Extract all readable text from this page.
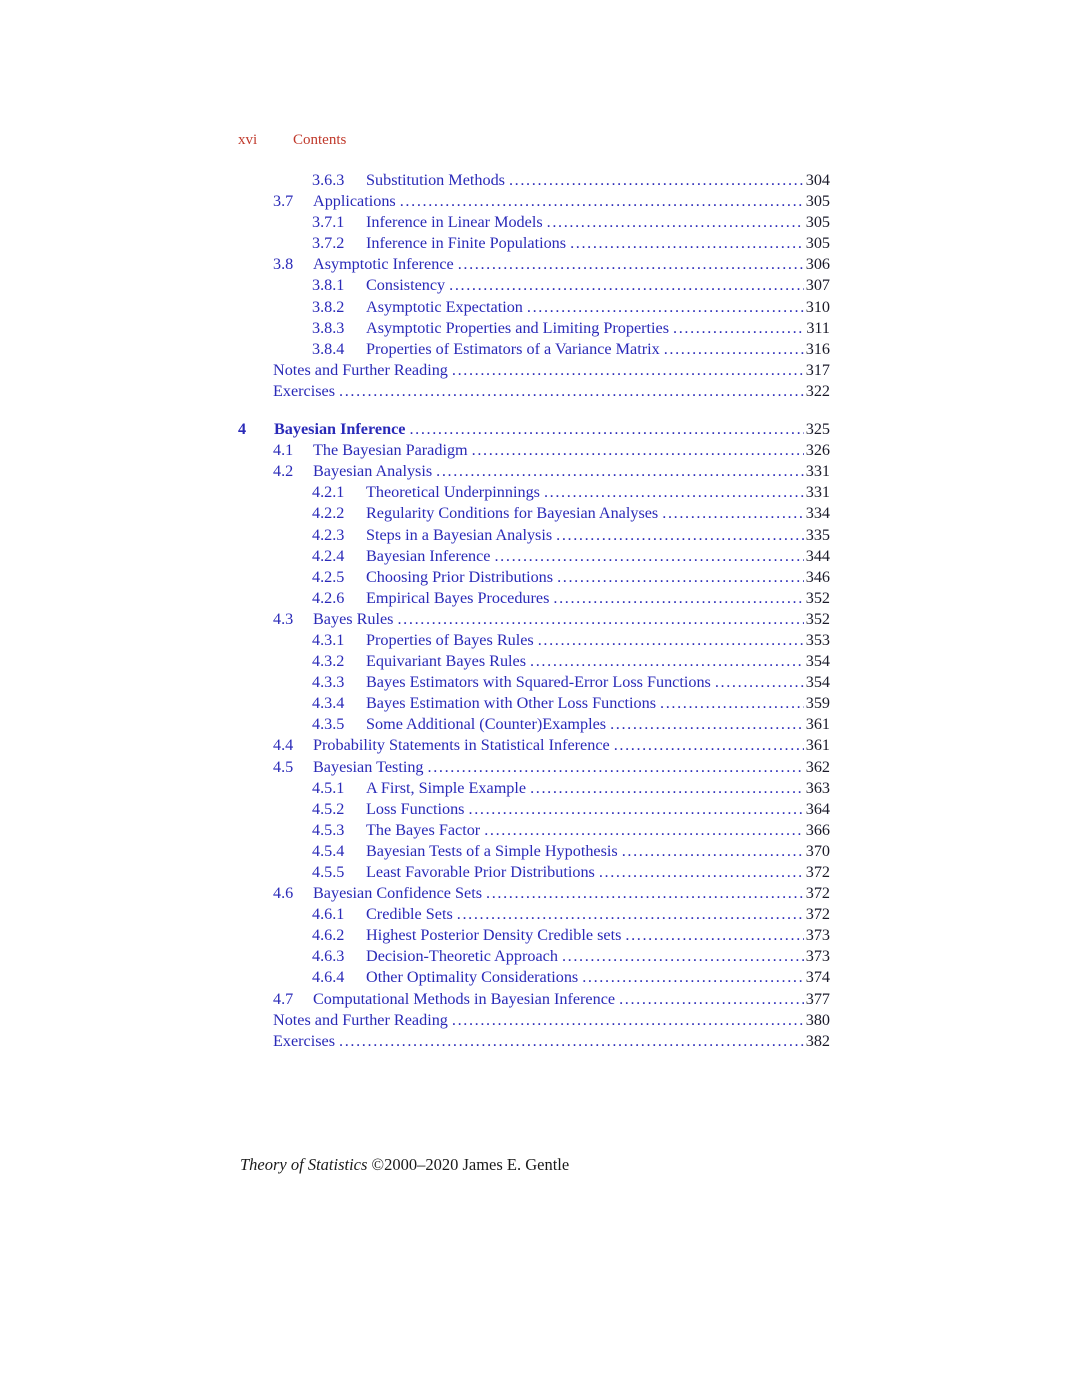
xvi Contents
3.6.3 Substitution Methods . . .	304
3.7 Applications . . .	305
3.7.1 Inference in Linear Models . . .	305
3.7.2 Inference in Finite Populations . . .	305
3.8 Asymptotic Inference . . .	306
3.8.1 Consistency . . .	307
3.8.2 Asymptotic Expectation . . .	310
3.8.3 Asymptotic Properties and Limiting Properties . . .	311
3.8.4 Properties of Estimators of a Variance Matrix . . .	316
Notes and Further Reading . . .	317
Exercises . . .	322
4 Bayesian Inference . . .	325
4.1 The Bayesian Paradigm . . .	326
4.2 Bayesian Analysis . . .	331
4.2.1 Theoretical Underpinnings . . .	331
4.2.2 Regularity Conditions for Bayesian Analyses . . .	334
4.2.3 Steps in a Bayesian Analysis . . .	335
4.2.4 Bayesian Inference . . .	344
4.2.5 Choosing Prior Distributions . . .	346
4.2.6 Empirical Bayes Procedures . . .	352
4.3 Bayes Rules . . .	352
4.3.1 Properties of Bayes Rules . . .	353
4.3.2 Equivariant Bayes Rules . . .	354
4.3.3 Bayes Estimators with Squared-Error Loss Functions . . .	354
4.3.4 Bayes Estimation with Other Loss Functions . . .	359
4.3.5 Some Additional (Counter)Examples . . .	361
4.4 Probability Statements in Statistical Inference . . .	361
4.5 Bayesian Testing . . .	362
4.5.1 A First, Simple Example . . .	363
4.5.2 Loss Functions . . .	364
4.5.3 The Bayes Factor . . .	366
4.5.4 Bayesian Tests of a Simple Hypothesis . . .	370
4.5.5 Least Favorable Prior Distributions . . .	372
4.6 Bayesian Confidence Sets . . .	372
4.6.1 Credible Sets . . .	372
4.6.2 Highest Posterior Density Credible sets . . .	373
4.6.3 Decision-Theoretic Approach . . .	373
4.6.4 Other Optimality Considerations . . .	374
4.7 Computational Methods in Bayesian Inference . . .	377
Notes and Further Reading . . .	380
Exercises . . .	382
Theory of Statistics ©2000–2020 James E. Gentle
